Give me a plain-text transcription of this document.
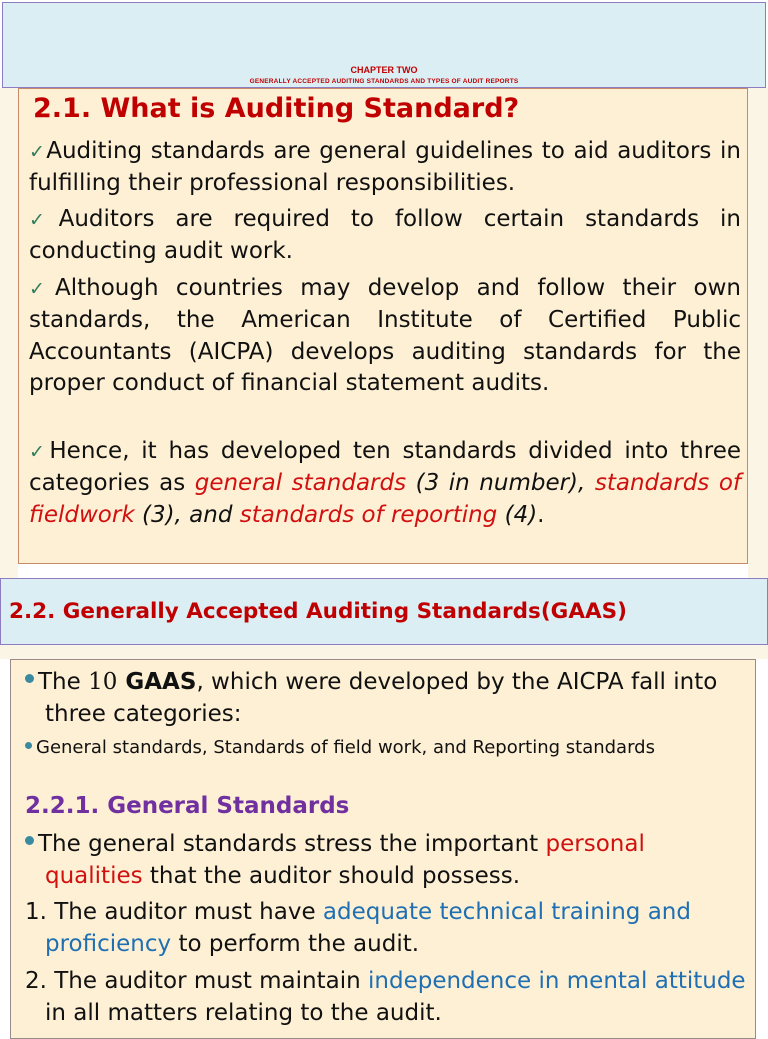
CHAPTER TWO
GENERALLY ACCEPTED AUDITING STANDARDS AND TYPES OF AUDIT REPORTS
2.1. What is Auditing Standard?
✓Auditing standards are general guidelines to aid auditors in fulfilling their professional responsibilities.
✓Auditors are required to follow certain standards in conducting audit work.
✓Although countries may develop and follow their own standards, the American Institute of Certified Public Accountants (AICPA) develops auditing standards for the proper conduct of financial statement audits.
✓Hence, it has developed ten standards divided into three categories as general standards (3 in number), standards of fieldwork (3), and standards of reporting (4).
2.2. Generally Accepted Auditing Standards(GAAS)
The 10 GAAS, which were developed by the AICPA fall into three categories:
General standards, Standards of field work, and Reporting standards
2.2.1. General Standards
The general standards stress the important personal qualities that the auditor should possess.
1. The auditor must have adequate technical training and proficiency to perform the audit.
2. The auditor must maintain independence in mental attitude in all matters relating to the audit.
